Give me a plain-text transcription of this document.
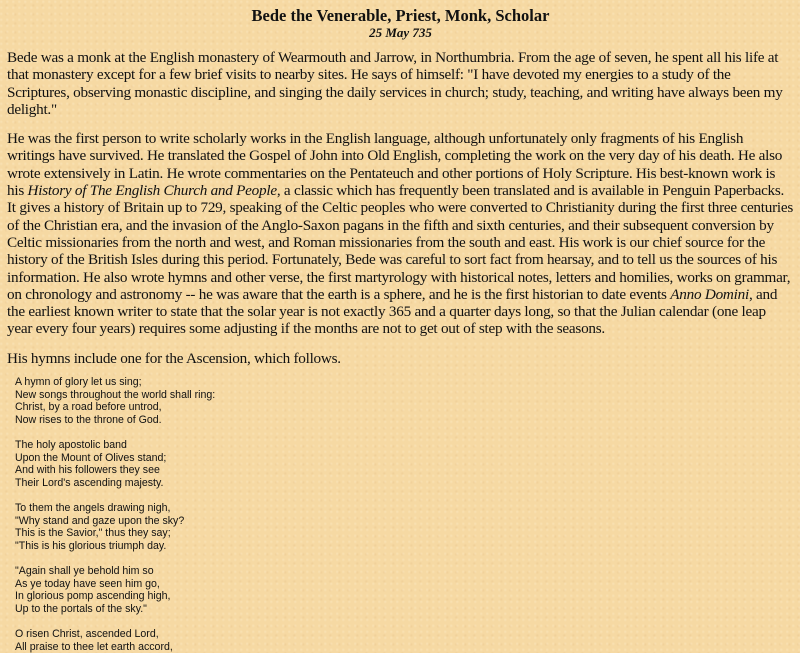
Bede the Venerable, Priest, Monk, Scholar
25 May 735

Bede was a monk at the English monastery of Wearmouth and Jarrow, in Northumbria. From the age of seven, he spent all his life at that monastery except for a few brief visits to nearby sites. He says of himself: "I have devoted my energies to a study of the Scriptures, observing monastic discipline, and singing the daily services in church; study, teaching, and writing have always been my delight."

He was the first person to write scholarly works in the English language, although unfortunately only fragments of his English writings have survived. He translated the Gospel of John into Old English, completing the work on the very day of his death. He also wrote extensively in Latin. He wrote commentaries on the Pentateuch and other portions of Holy Scripture. His best-known work is his History of The English Church and People, a classic which has frequently been translated and is available in Penguin Paperbacks. It gives a history of Britain up to 729, speaking of the Celtic peoples who were converted to Christianity during the first three centuries of the Christian era, and the invasion of the Anglo-Saxon pagans in the fifth and sixth centuries, and their subsequent conversion by Celtic missionaries from the north and west, and Roman missionaries from the south and east. His work is our chief source for the history of the British Isles during this period. Fortunately, Bede was careful to sort fact from hearsay, and to tell us the sources of his information. He also wrote hymns and other verse, the first martyrology with historical notes, letters and homilies, works on grammar, on chronology and astronomy -- he was aware that the earth is a sphere, and he is the first historian to date events Anno Domini, and the earliest known writer to state that the solar year is not exactly 365 and a quarter days long, so that the Julian calendar (one leap year every four years) requires some adjusting if the months are not to get out of step with the seasons.

His hymns include one for the Ascension, which follows.

A hymn of glory let us sing;
New songs throughout the world shall ring:
Christ, by a road before untrod,
Now rises to the throne of God.
The holy apostolic band
Upon the Mount of Olives stand;
And with his followers they see
Their Lord's ascending majesty.
To them the angels drawing nigh,
"Why stand and gaze upon the sky?
This is the Savior," thus they say;
"This is his glorious triumph day.
"Again shall ye behold him so
As ye today have seen him go,
In glorious pomp ascending high,
Up to the portals of the sky."
O risen Christ, ascended Lord,
All praise to thee let earth accord,
